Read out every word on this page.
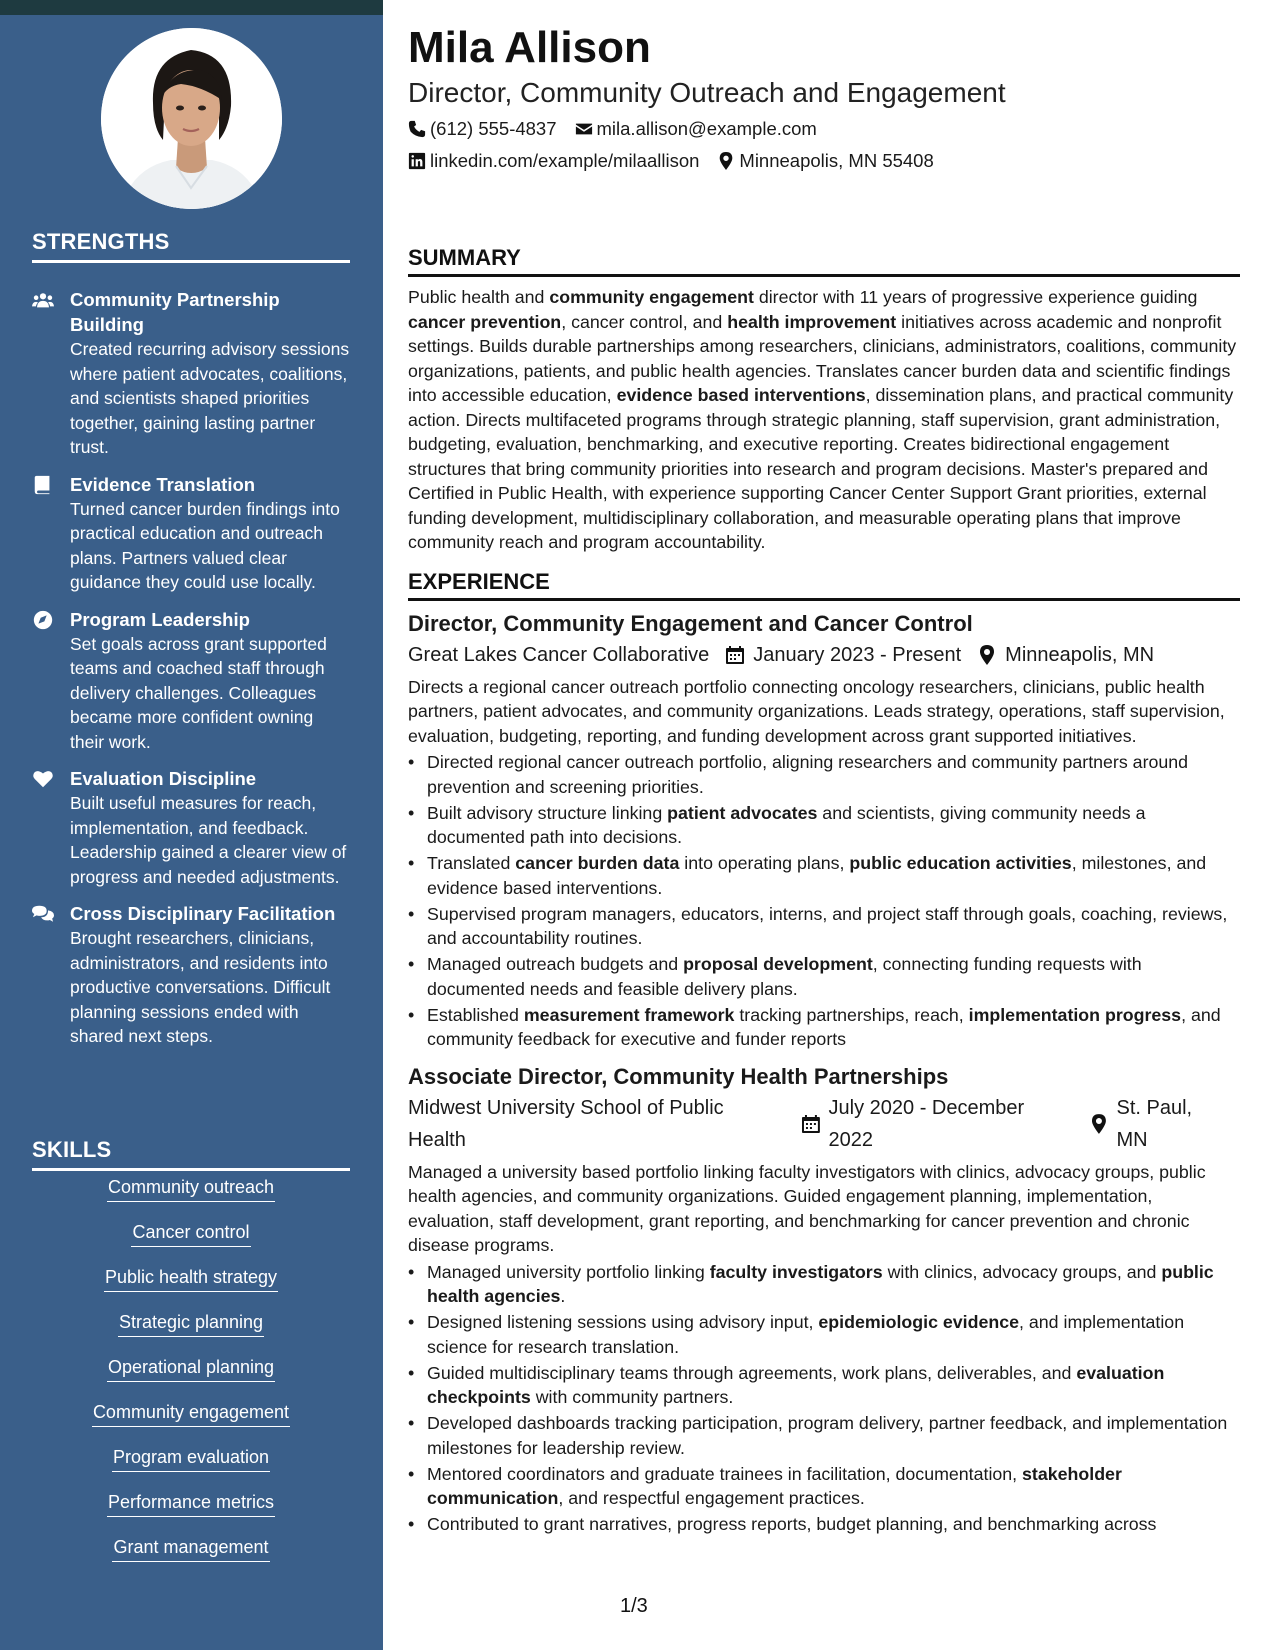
STRENGTHS
Community Partnership Building
Created recurring advisory sessions where patient advocates, coalitions, and scientists shaped priorities together, gaining lasting partner trust.
Evidence Translation
Turned cancer burden findings into practical education and outreach plans. Partners valued clear guidance they could use locally.
Program Leadership
Set goals across grant supported teams and coached staff through delivery challenges. Colleagues became more confident owning their work.
Evaluation Discipline
Built useful measures for reach, implementation, and feedback. Leadership gained a clearer view of progress and needed adjustments.
Cross Disciplinary Facilitation
Brought researchers, clinicians, administrators, and residents into productive conversations. Difficult planning sessions ended with shared next steps.
SKILLS
Community outreach
Cancer control
Public health strategy
Strategic planning
Operational planning
Community engagement
Program evaluation
Performance metrics
Grant management
Mila Allison
Director, Community Outreach and Engagement
(612) 555-4837 mila.allison@example.com
linkedin.com/example/milaallison Minneapolis, MN 55408
SUMMARY

Public health and community engagement director with 11 years of progressive experience guiding cancer prevention, cancer control, and health improvement initiatives across academic and nonprofit settings. Builds durable partnerships among researchers, clinicians, administrators, coalitions, community organizations, patients, and public health agencies. Translates cancer burden data and scientific findings into accessible education, evidence based interventions, dissemination plans, and practical community action. Directs multifaceted programs through strategic planning, staff supervision, grant administration, budgeting, evaluation, benchmarking, and executive reporting. Creates bidirectional engagement structures that bring community priorities into research and program decisions. Master's prepared and Certified in Public Health, with experience supporting Cancer Center Support Grant priorities, external funding development, multidisciplinary collaboration, and measurable operating plans that improve community reach and program accountability.

EXPERIENCE
Director, Community Engagement and Cancer Control
Great Lakes Cancer Collaborative January 2023 - Present Minneapolis, MN

Directs a regional cancer outreach portfolio connecting oncology researchers, clinicians, public health partners, patient advocates, and community organizations. Leads strategy, operations, staff supervision, evaluation, budgeting, reporting, and funding development across grant supported initiatives.

• Directed regional cancer outreach portfolio, aligning researchers and community partners around prevention and screening priorities.
• Built advisory structure linking patient advocates and scientists, giving community needs a documented path into decisions.
• Translated cancer burden data into operating plans, public education activities, milestones, and evidence based interventions.
• Supervised program managers, educators, interns, and project staff through goals, coaching, reviews, and accountability routines.
• Managed outreach budgets and proposal development, connecting funding requests with documented needs and feasible delivery plans.
• Established measurement framework tracking partnerships, reach, implementation progress, and community feedback for executive and funder reports
Associate Director, Community Health Partnerships
Midwest University School of Public Health
July 2020 - December 2022
St. Paul, MN

Managed a university based portfolio linking faculty investigators with clinics, advocacy groups, public health agencies, and community organizations. Guided engagement planning, implementation, evaluation, staff development, grant reporting, and benchmarking for cancer prevention and chronic disease programs.

• Managed university portfolio linking faculty investigators with clinics, advocacy groups, and public health agencies.
• Designed listening sessions using advisory input, epidemiologic evidence, and implementation science for research translation.
• Guided multidisciplinary teams through agreements, work plans, deliverables, and evaluation checkpoints with community partners.
• Developed dashboards tracking participation, program delivery, partner feedback, and implementation milestones for leadership review.
• Mentored coordinators and graduate trainees in facilitation, documentation, stakeholder communication, and respectful engagement practices.
• Contributed to grant narratives, progress reports, budget planning, and benchmarking across
1/3
